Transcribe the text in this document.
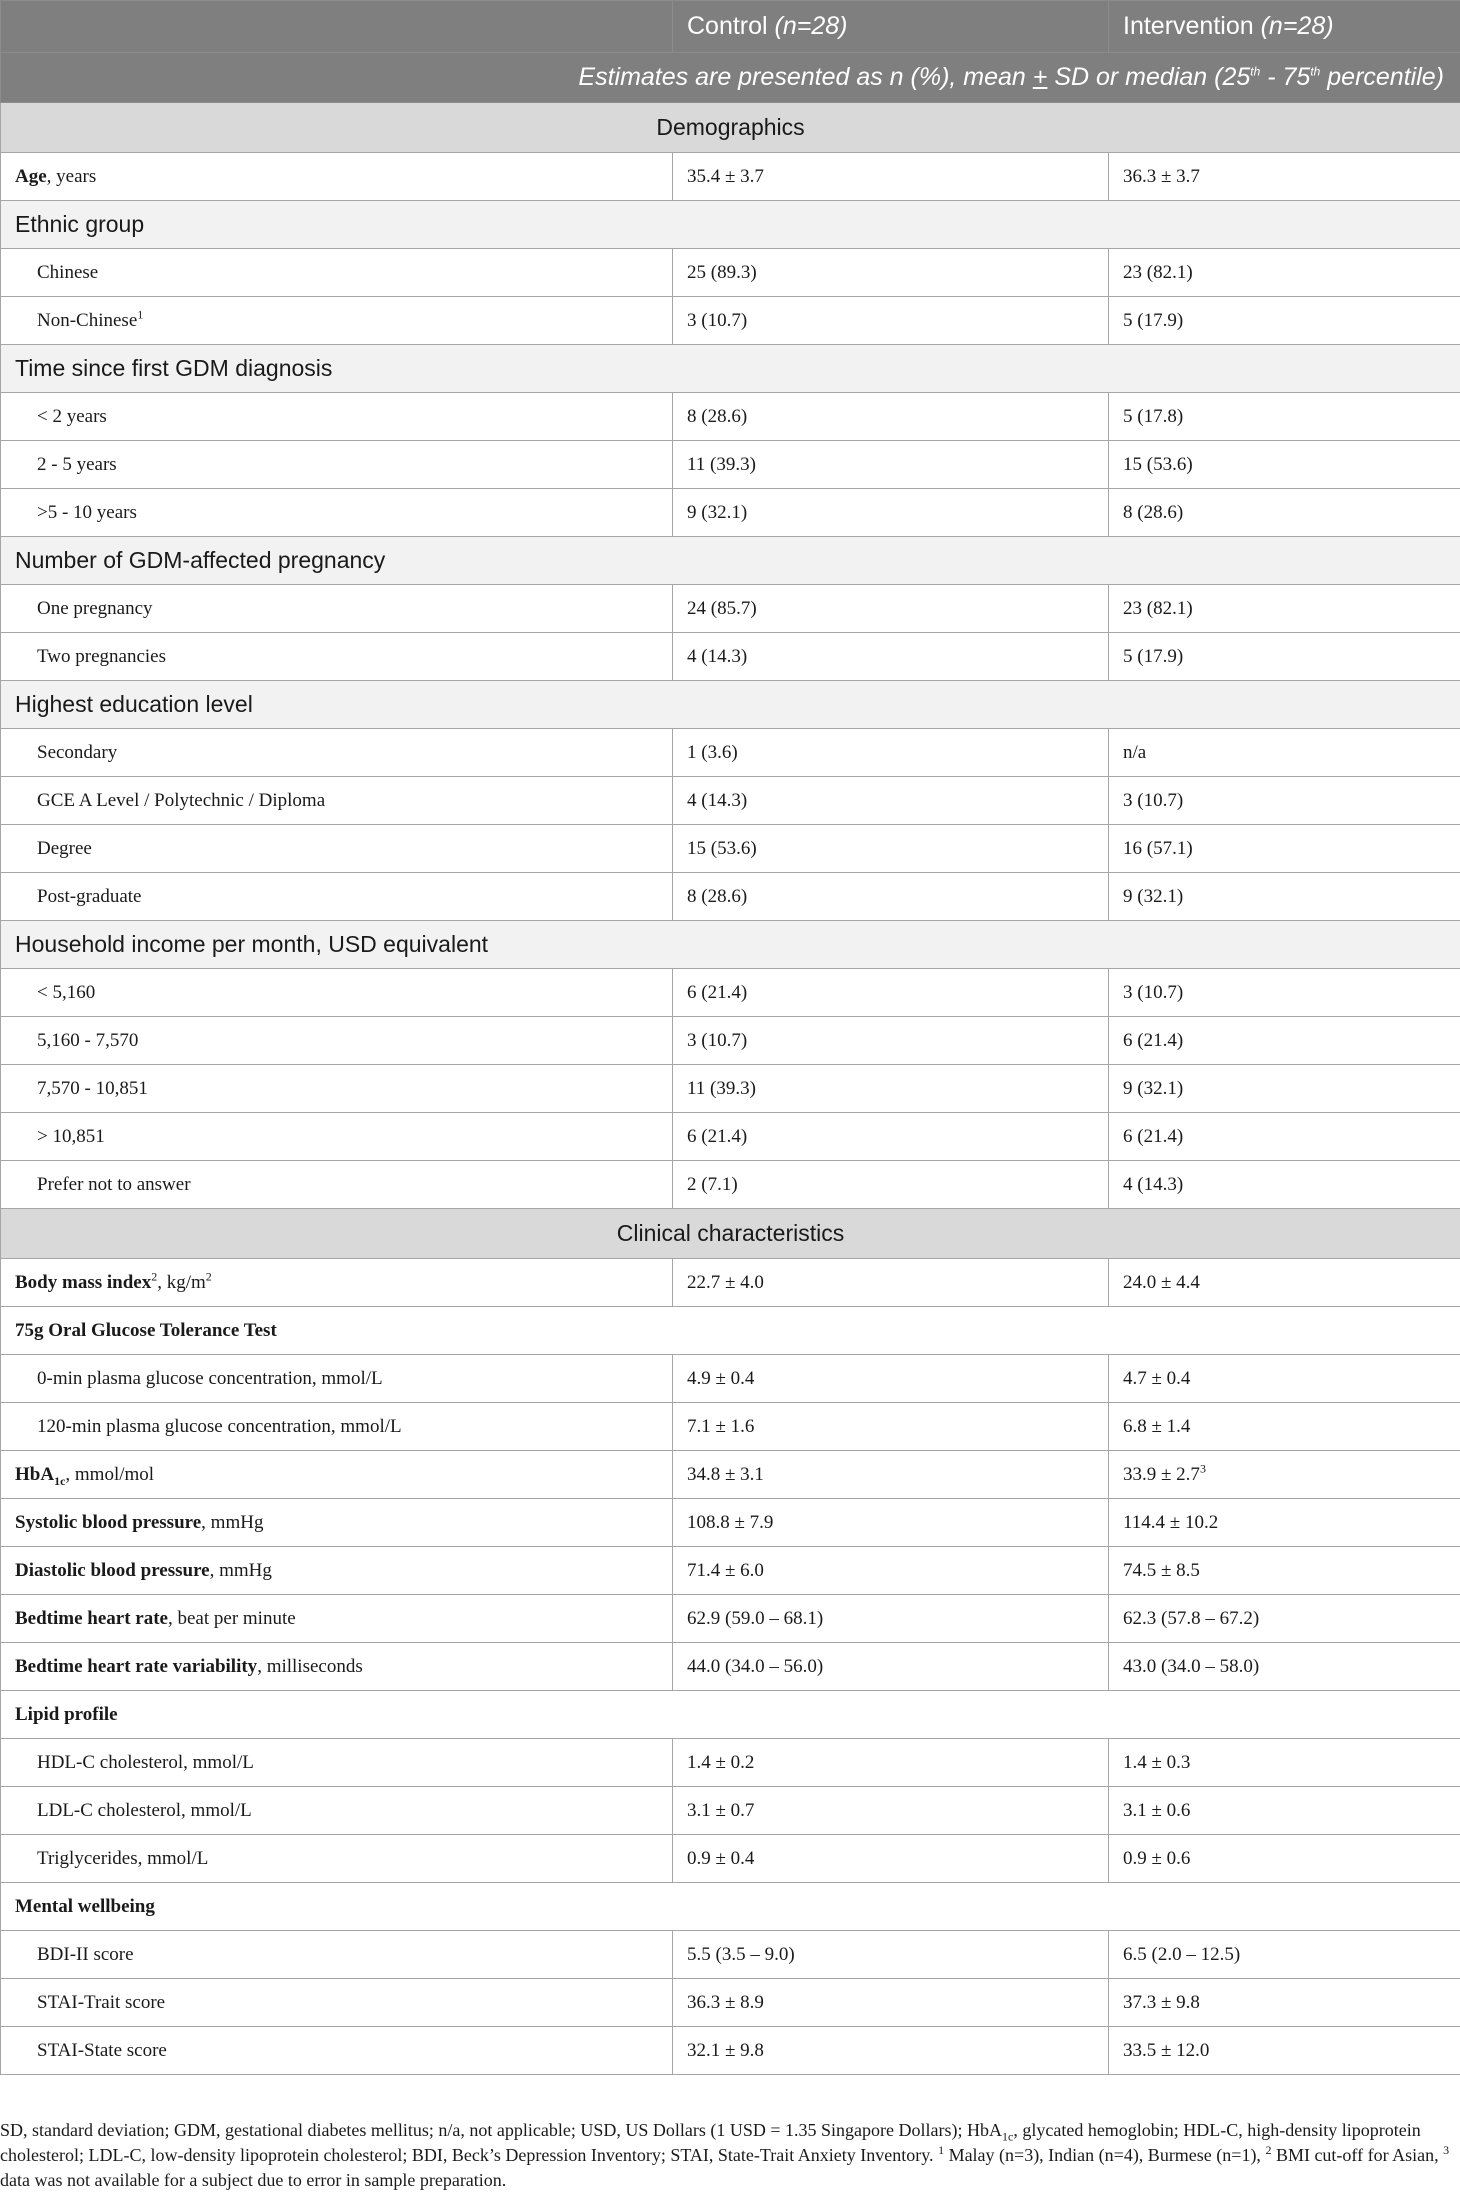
	Control (n=28)	Intervention (n=28)
Estimates are presented as n (%), mean + SD or median (25th - 75th percentile)		
Demographics		
Age, years	35.4 ± 3.7	36.3 ± 3.7
Ethnic group		
Chinese	25 (89.3)	23 (82.1)
Non-Chinese$^1$	3 (10.7)	5 (17.9)
Time since first GDM diagnosis		
< 2 years	8 (28.6)	5 (17.8)
2 - 5 years	11 (39.3)	15 (53.6)
>5 - 10 years	9 (32.1)	8 (28.6)
Number of GDM-affected pregnancy		
One pregnancy	24 (85.7)	23 (82.1)
Two pregnancies	4 (14.3)	5 (17.9)
Highest education level		
Secondary	1 (3.6)	n/a
GCE A Level / Polytechnic / Diploma	4 (14.3)	3 (10.7)
Degree	15 (53.6)	16 (57.1)
Post-graduate	8 (28.6)	9 (32.1)
Household income per month, USD equivalent		
< 5,160	6 (21.4)	3 (10.7)
5,160 - 7,570	3 (10.7)	6 (21.4)
7,570 - 10,851	11 (39.3)	9 (32.1)
> 10,851	6 (21.4)	6 (21.4)
Prefer not to answer	2 (7.1)	4 (14.3)
Clinical characteristics		
Body mass index$^2$, $kg/m^2$	22.7 ± 4.0	24.0 ± 4.4
75g Oral Glucose Tolerance Test		
0-min plasma glucose concentration, mmol/L	4.9 ± 0.4	4.7 ± 0.4
120-min plasma glucose concentration, mmol/L	7.1 ± 1.6	6.8 ± 1.4
HbA$_{1c}$, mmol/mol	34.8 ± 3.1	$33.9 \pm 2.7^3$
Systolic blood pressure, mmHg	108.8 ± 7.9	114.4 ± 10.2
Diastolic blood pressure, mmHg	71.4 ± 6.0	74.5 ± 8.5
Bedtime heart rate, beat per minute	62.9 (59.0 – 68.1)	62.3 (57.8 – 67.2)
Bedtime heart rate variability, milliseconds	44.0 (34.0 – 56.0)	43.0 (34.0 – 58.0)
Lipid profile		
HDL-C cholesterol, mmol/L	1.4 ± 0.2	1.4 ± 0.3
LDL-C cholesterol, mmol/L	3.1 ± 0.7	3.1 ± 0.6
Triglycerides, mmol/L	0.9 ± 0.4	0.9 ± 0.6
Mental wellbeing		
BDI-II score	5.5 (3.5 – 9.0)	6.5 (2.0 – 12.5)
STAI-Trait score	36.3 ± 8.9	37.3 ± 9.8
STAI-State score	32.1 ± 9.8	33.5 ± 12.0
SD, standard deviation; GDM, gestational diabetes mellitus; n/a, not applicable; USD, US Dollars (1 USD = 1.35 Singapore Dollars); HbA$_{1c}$, glycated hemoglobin; HDL-C, high-density lipoprotein cholesterol; LDL-C, low-density lipoprotein cholesterol; BDI, Beck’s Depression Inventory; STAI, State-Trait Anxiety Inventory. $^1$ Malay (n=3), Indian (n=4), Burmese (n=1), $^2$ BMI cut-off for Asian, $^3$ data was not available for a subject due to error in sample preparation.
